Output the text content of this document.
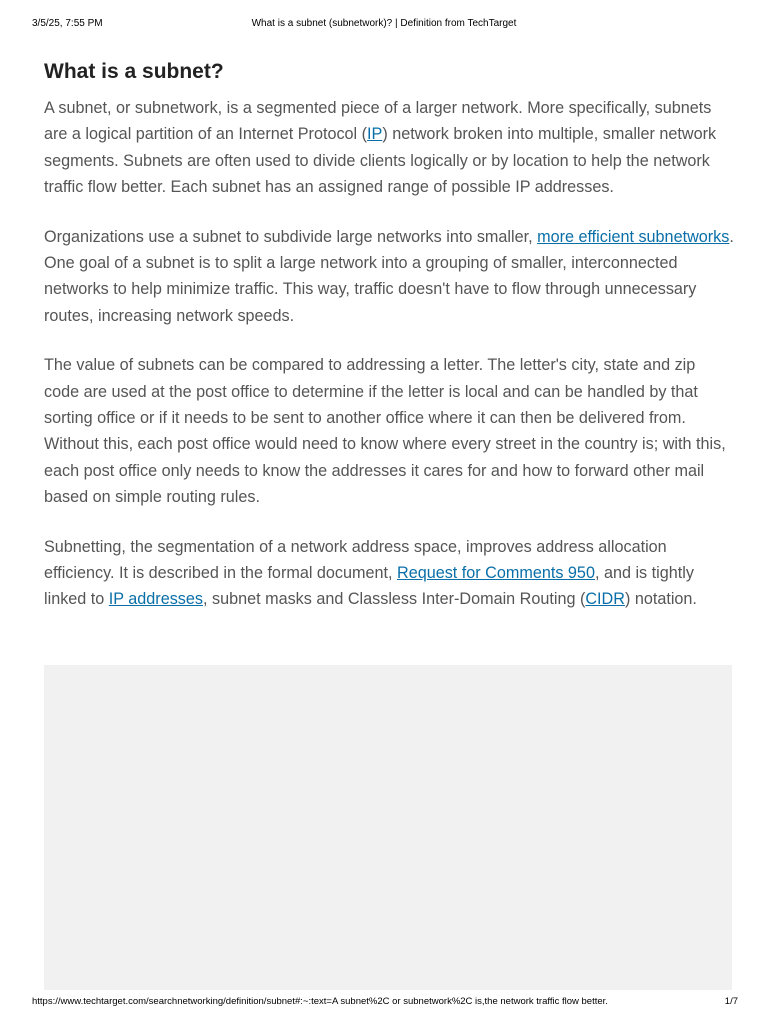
3/5/25, 7:55 PM	What is a subnet (subnetwork)? | Definition from TechTarget
What is a subnet?

A subnet, or subnetwork, is a segmented piece of a larger network. More specifically, subnets are a logical partition of an Internet Protocol (IP) network broken into multiple, smaller network segments. Subnets are often used to divide clients logically or by location to help the network traffic flow better. Each subnet has an assigned range of possible IP addresses.

Organizations use a subnet to subdivide large networks into smaller, more efficient subnetworks. One goal of a subnet is to split a large network into a grouping of smaller, interconnected networks to help minimize traffic. This way, traffic doesn't have to flow through unnecessary routes, increasing network speeds.

The value of subnets can be compared to addressing a letter. The letter's city, state and zip code are used at the post office to determine if the letter is local and can be handled by that sorting office or if it needs to be sent to another office where it can then be delivered from. Without this, each post office would need to know where every street in the country is; with this, each post office only needs to know the addresses it cares for and how to forward other mail based on simple routing rules.

Subnetting, the segmentation of a network address space, improves address allocation efficiency. It is described in the formal document, Request for Comments 950, and is tightly linked to IP addresses, subnet masks and Classless Inter-Domain Routing (CIDR) notation.

https://www.techtarget.com/searchnetworking/definition/subnet#:~:text=A subnet%2C or subnetwork%2C is,the network traffic flow better.	1/7
